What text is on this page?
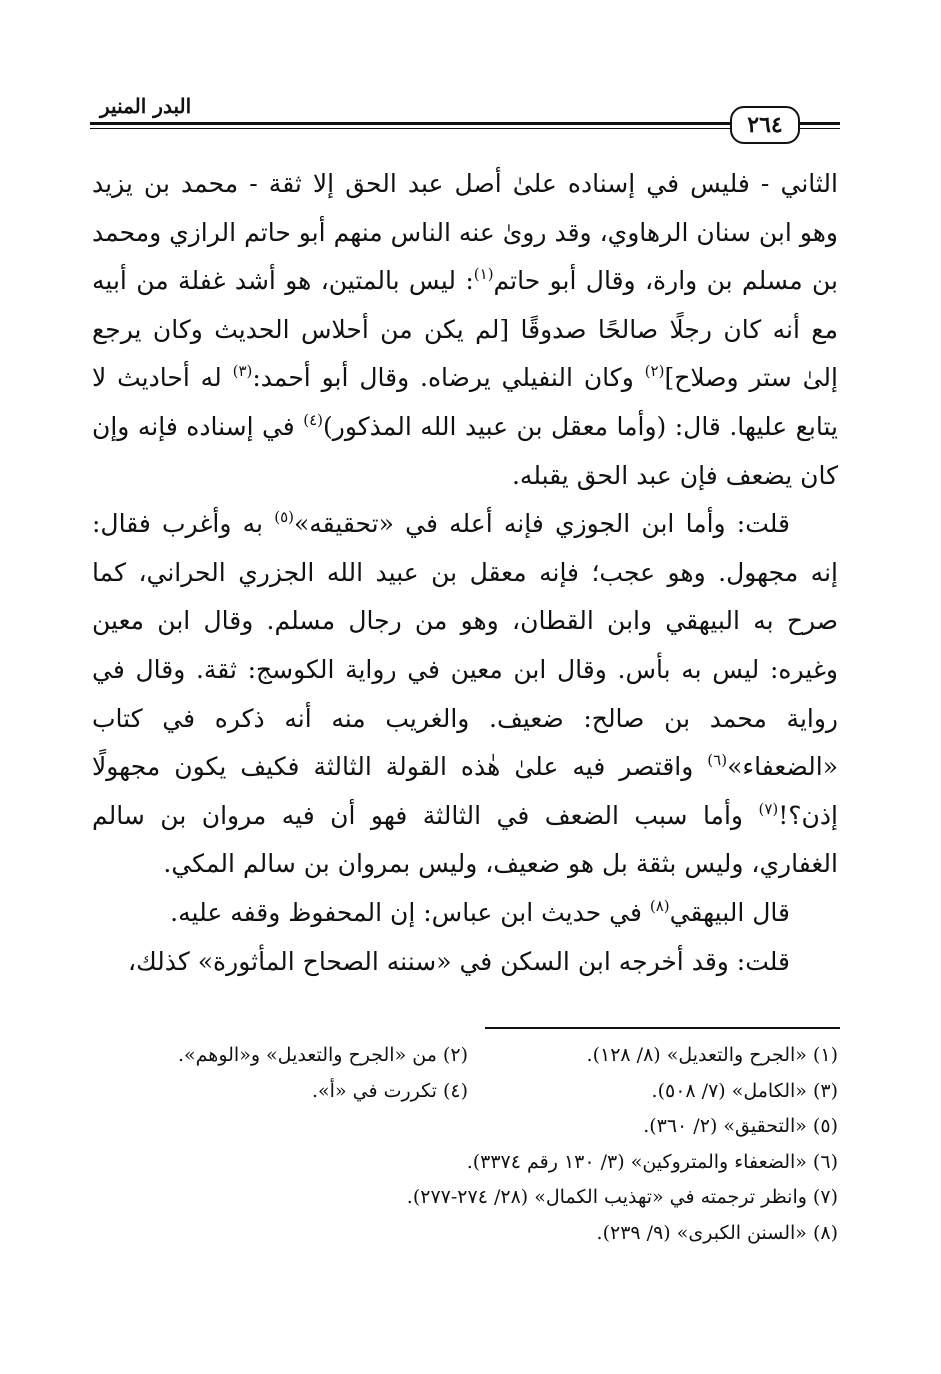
البدر المنير
٢٦٤

الثاني - فليس في إسناده علىٰ أصل عبد الحق إلا ثقة - محمد بن يزيد وهو ابن سنان الرهاوي، وقد روىٰ عنه الناس منهم أبو حاتم الرازي ومحمد بن مسلم بن وارة، وقال أبو حاتم$^{(١)}$: ليس بالمتين، هو أشد غفلة من أبيه مع أنه كان رجلًا صالحًا صدوقًا [لم يكن من أحلاس الحديث وكان يرجع إلىٰ ستر وصلاح]$^{(٢)}$ وكان النفيلي يرضاه. وقال أبو أحمد:$^{(٣)}$ له أحاديث لا يتابع عليها. قال: (وأما معقل بن عبيد الله المذكور)$^{(٤)}$ في إسناده فإنه وإن كان يضعف فإن عبد الحق يقبله.

قلت: وأما ابن الجوزي فإنه أعله في «تحقيقه»$^{(٥)}$ به وأغرب فقال: إنه مجهول. وهو عجب؛ فإنه معقل بن عبيد الله الجزري الحراني، كما صرح به البيهقي وابن القطان، وهو من رجال مسلم. وقال ابن معين وغيره: ليس به بأس. وقال ابن معين في رواية الكوسج: ثقة. وقال في رواية محمد بن صالح: ضعيف. والغريب منه أنه ذكره في كتاب «الضعفاء»$^{(٦)}$ واقتصر فيه علىٰ هٰذه القولة الثالثة فكيف يكون مجهولًا إذن؟!$^{(٧)}$ وأما سبب الضعف في الثالثة فهو أن فيه مروان بن سالم الغفاري، وليس بثقة بل هو ضعيف، وليس بمروان بن سالم المكي.

قال البيهقي$^{(٨)}$ في حديث ابن عباس: إن المحفوظ وقفه عليه.

قلت: وقد أخرجه ابن السكن في «سننه الصحاح المأثورة» كذلك،

(١) «الجرح والتعديل» (٨/ ١٢٨).
(٢) من «الجرح والتعديل» و«الوهم».
(٣) «الكامل» (٧/ ٥٠٨).
(٤) تكررت في «أ».
(٥) «التحقيق» (٢/ ٣٦٠).
(٦) «الضعفاء والمتروكين» (٣/ ١٣٠ رقم ٣٣٧٤).
(٧) وانظر ترجمته في «تهذيب الكمال» (٢٨/ ٢٧٤-٢٧٧).
(٨) «السنن الكبرى» (٩/ ٢٣٩).
